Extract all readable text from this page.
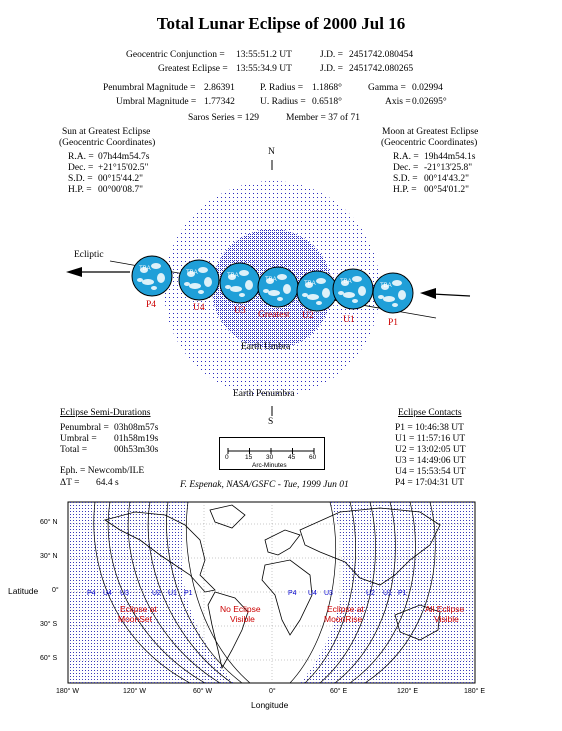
Total Lunar Eclipse of 2000 Jul 16
Geocentric Conjunction = 13:55:51.2 UT	J.D. = 2451742.080454
Greatest Eclipse = 13:55:34.9 UT	J.D. = 2451742.080265
Penumbral Magnitude = 2.86391	P. Radius = 1.1868°	Gamma = 0.02994
Umbral Magnitude = 1.77342	U. Radius = 0.6518°	Axis = 0.02695°
Saros Series = 129	Member = 37 of 71
Sun at Greatest Eclipse
(Geocentric Coordinates)
R.A. = 07h44m54.7s
Dec. = +21°15'02.5"
S.D. = 00°15'44.2"
H.P. = 00°00'08.7"
Moon at Greatest Eclipse
(Geocentric Coordinates)
R.A. = 19h44m54.1s
Dec. = -21°13'25.8"
S.D. = 00°14'43.2"
H.P. = 00°54'01.2"
TBA
TBA	TBA
TBA
TBA	TBA
TBA
N
S
Ecliptic
Earth Umbra
Earth Penumbra
P4	U4	U3 Greatest U2	U1	P1
Eclipse Semi-Durations
Penumbral = 03h08m57s
Umbral = 01h58m19s
Total =	00h53m30s
Eph. = Newcomb/ILE
ΔT = 64.4 s
0	15 30 45 60
Arc-Minutes
F. Espenak, NASA/GSFC - Tue, 1999 Jun 01
Eclipse Contacts
P1 = 10:46:38 UT
U1 = 11:57:16 UT
U2 = 13:02:05 UT
U3 = 14:49:06 UT
U4 = 15:53:54 UT
P4 = 17:04:31 UT
Latitude
Longitude
60° N
30° N
0°
30° S
60° S
180° W	120° W	60° W	0°	60° E	120° E	180° E
P4 U4 U3	U2 U1 P1	P4 U4 U3	U2 U1 P1
Eclipse at
MoonSet
No Eclipse
Visible
Eclipse at
MoonRise
All Eclipse
Visible
